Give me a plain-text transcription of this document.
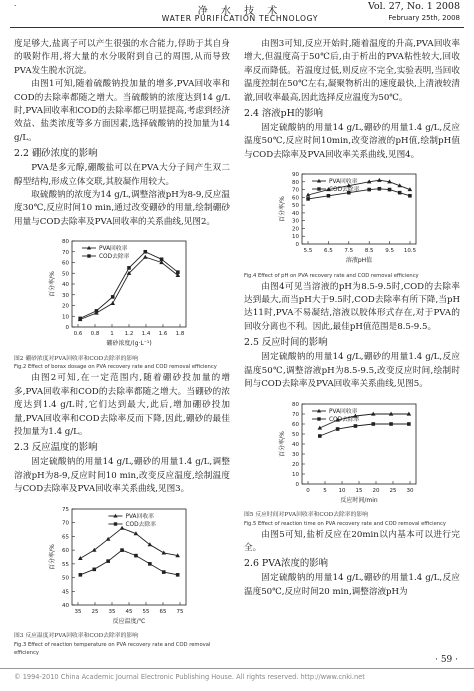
·
净 水 技 术
WATER PURIFICATION TECHNOLOGY
Vol. 27, No. 1 2008
February 25th, 2008

度足够大,盐离子可以产生很强的水合能力,俘助于其自身的吸附作用,将大量的水分吸附到自己的周围,从而导致PVA发生脱水沉淀。

由图1可知,随着硫酸钠投加量的增多,PVA回收率和COD的去除率都随之增大。当硫酸钠的浓度达到14 g/L时,PVA回收率和COD的去除率都已明显提高,考虑到经济效益、盐类浓度等多方面因素,选择硫酸钠的投加量为14 g/L。

2.2 硼砂浓度的影响

PVA是多元醇,硼酸盐可以在PVA大分子间产生双二醇型结构,形成立体交联,其胶凝作用较大。

取硫酸钠的浓度为14 g/L,调整溶液pH为8-9,反应温度30℃,反应时间10 min,通过改变硼砂的用量,绘制硼砂用量与COD去除率及PVA回收率的关系曲线,见图2。

0
10
20
30
40
50
60
70
80
0.6 0.8 1 1.2 1.4 1.6 1.8
硼砂浓度/(g·L⁻¹)
百分率/%
PVA回收率
COD去除率
图2 硼砂浓度对PVA回收率和COD去除率的影响
Fig.2 Effect of borax dosage on PVA recovery rate and COD removal efficiency

由图2可知,在一定范围内,随着硼砂投加量的增多,PVA回收率和COD的去除率都随之增大。当硼砂的浓度达到1.4 g/L时,它们达到最大,此后,增加硼砂投加量,PVA回收率和COD去除率反而下降,因此,硼砂的最佳投加量为1.4 g/L。

2.3 反应温度的影响

固定硫酸钠的用量14 g/L,硼砂的用量1.4 g/L,调整溶液pH为8-9,反应时间10 min,改变反应温度,绘制温度与COD去除率及PVA回收率关系曲线,见图3。

40
45
50
55
60
65
70
75
35 25 35 45 55 65 75
反应温度/℃
百分率/%
PVA回收率
COD去除率
图3 反应温度对PVA回收率和COD去除率的影响
Fig.3 Effect of reaction temperature on PVA recovery rate and COD removal efficiency

由图3可知,反应开始时,随着温度的升高,PVA回收率增大,但温度高于50℃后,由于析出的PVA粘性较大,回收率反而降低。若温度过低,则反应不完全,实验表明,当回收温度控制在50℃左右,凝聚物析出的速度最快,上清液较清澈,回收率最高,因此选择反应温度为50℃。

2.4 溶液pH的影响

固定硫酸钠的用量14 g/L,硼砂的用量1.4 g/L,反应温度50℃,反应时间10min,改变溶液的pH值,绘制pH值与COD去除率及PVA回收率关系曲线,见图4。

0
10
20
30
40
50
60
70
80
90
5.5 6.5 7.5 8.5 9.5 10.5
溶液pH值
百分率/%
PVA回收率
COD去除率
Fig.4 Effect of pH on PVA recovery rate and COD removal efficiency

由图4可见当溶液的pH为8.5-9.5时,COD的去除率达到最大,而当pH大于9.5时,COD去除率有所下降,当pH达11时,PVA不易凝结,溶液以胶体形式存在,对于PVA的回收分离也不利。因此,最佳pH值范围是8.5-9.5。

2.5 反应时间的影响

固定硫酸钠的用量14 g/L,硼砂的用量1.4 g/L,反应温度50℃,调整溶液pH为8.5-9.5,改变反应时间,绘制时间与COD去除率及PVA回收率关系曲线,见图5。

0
10
20
30
40
50
60
70
80
0 5 10 15 20 25 30
反应时间/min
百分率/%
PVA回收率
COD去除率
图5 反应时间对PVA回收率和COD去除率的影响
Fig.5 Effect of reaction time on PVA recovery rate and COD removal efficiency

由图5可知,盐析反应在20min以内基本可以进行完全。

2.6 PVA浓度的影响

固定硫酸钠的用量14 g/L,硼砂的用量1.4 g/L,反应温度50℃,反应时间20 min,调整溶液pH为

© 1994-2010 China Academic Journal Electronic Publishing House. All rights reserved. http://www.cnki.net
· 59 ·
